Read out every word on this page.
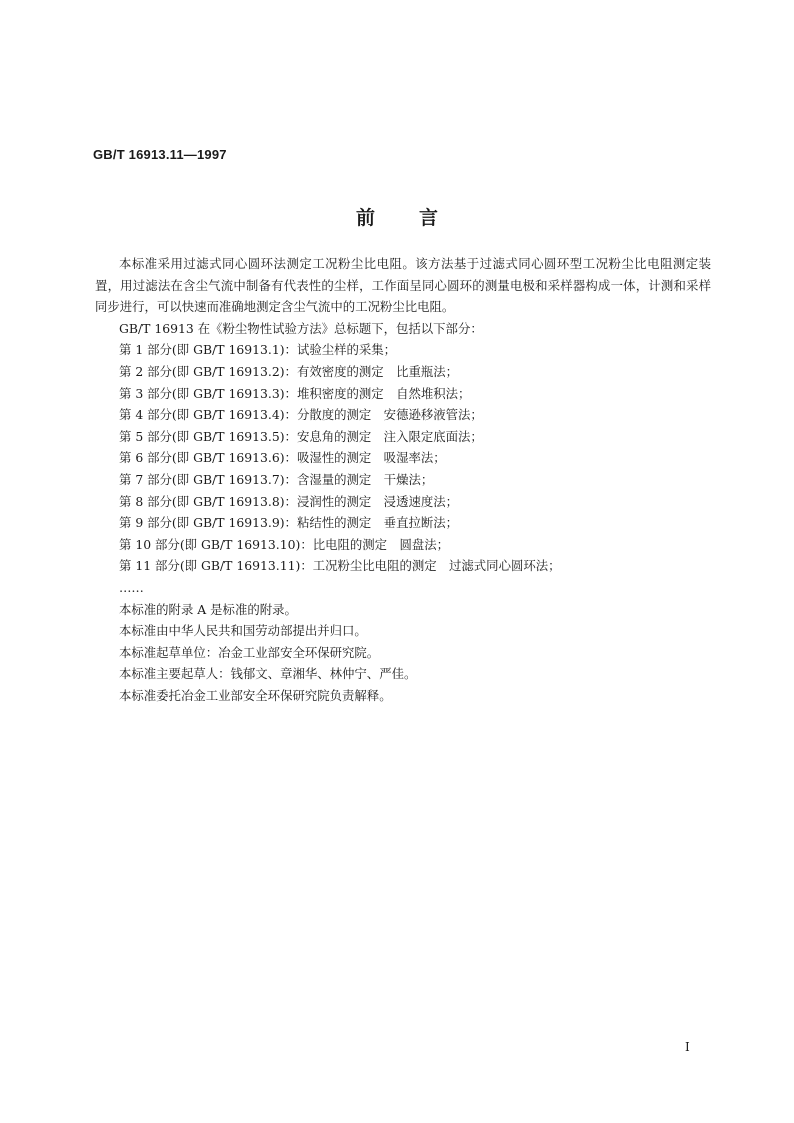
GB/T 16913.11—1997
前言
本标准采用过滤式同心圆环法测定工况粉尘比电阻。该方法基于过滤式同心圆环型工况粉尘比电阻测定装置，用过滤法在含尘气流中制备有代表性的尘样，工作面呈同心圆环的测量电极和采样器构成一体，计测和采样同步进行，可以快速而准确地测定含尘气流中的工况粉尘比电阻。
GB/T 16913 在《粉尘物性试验方法》总标题下，包括以下部分：
第 1 部分(即 GB/T 16913.1)：试验尘样的采集；
第 2 部分(即 GB/T 16913.2)：有效密度的测定　比重瓶法；
第 3 部分(即 GB/T 16913.3)：堆积密度的测定　自然堆积法；
第 4 部分(即 GB/T 16913.4)：分散度的测定　安德逊移液管法；
第 5 部分(即 GB/T 16913.5)：安息角的测定　注入限定底面法；
第 6 部分(即 GB/T 16913.6)：吸湿性的测定　吸湿率法；
第 7 部分(即 GB/T 16913.7)：含湿量的测定　干燥法；
第 8 部分(即 GB/T 16913.8)：浸润性的测定　浸透速度法；
第 9 部分(即 GB/T 16913.9)：粘结性的测定　垂直拉断法；
第 10 部分(即 GB/T 16913.10)：比电阻的测定　圆盘法；
第 11 部分(即 GB/T 16913.11)：工况粉尘比电阻的测定　过滤式同心圆环法；
……
本标准的附录 A 是标准的附录。
本标准由中华人民共和国劳动部提出并归口。
本标准起草单位：冶金工业部安全环保研究院。
本标准主要起草人：钱郁文、章湘华、林仲宁、严佳。
本标准委托冶金工业部安全环保研究院负责解释。
I
